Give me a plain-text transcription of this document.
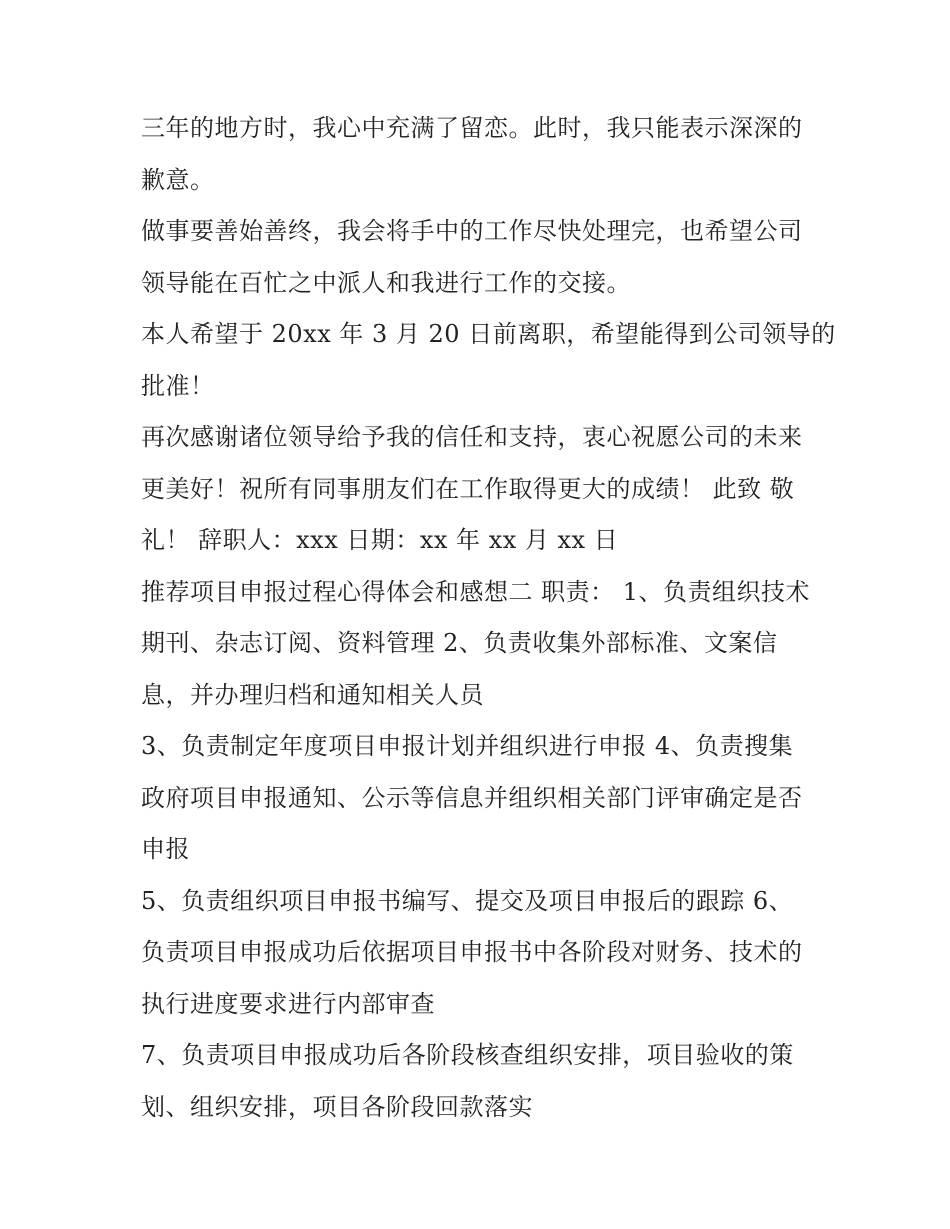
三年的地方时，我心中充满了留恋。此时，我只能表示深深的
歉意。
做事要善始善终，我会将手中的工作尽快处理完，也希望公司
领导能在百忙之中派人和我进行工作的交接。
本人希望于 20xx 年 3 月 20 日前离职，希望能得到公司领导的
批准！
再次感谢诸位领导给予我的信任和支持，衷心祝愿公司的未来
更美好！祝所有同事朋友们在工作取得更大的成绩！ 此致 敬
礼！ 辞职人：xxx 日期：xx 年 xx 月 xx 日
推荐项目申报过程心得体会和感想二 职责： 1、负责组织技术
期刊、杂志订阅、资料管理 2、负责收集外部标准、文案信
息，并办理归档和通知相关人员
3、负责制定年度项目申报计划并组织进行申报 4、负责搜集
政府项目申报通知、公示等信息并组织相关部门评审确定是否
申报
5、负责组织项目申报书编写、提交及项目申报后的跟踪 6、
负责项目申报成功后依据项目申报书中各阶段对财务、技术的
执行进度要求进行内部审查
7、负责项目申报成功后各阶段核查组织安排，项目验收的策
划、组织安排，项目各阶段回款落实
